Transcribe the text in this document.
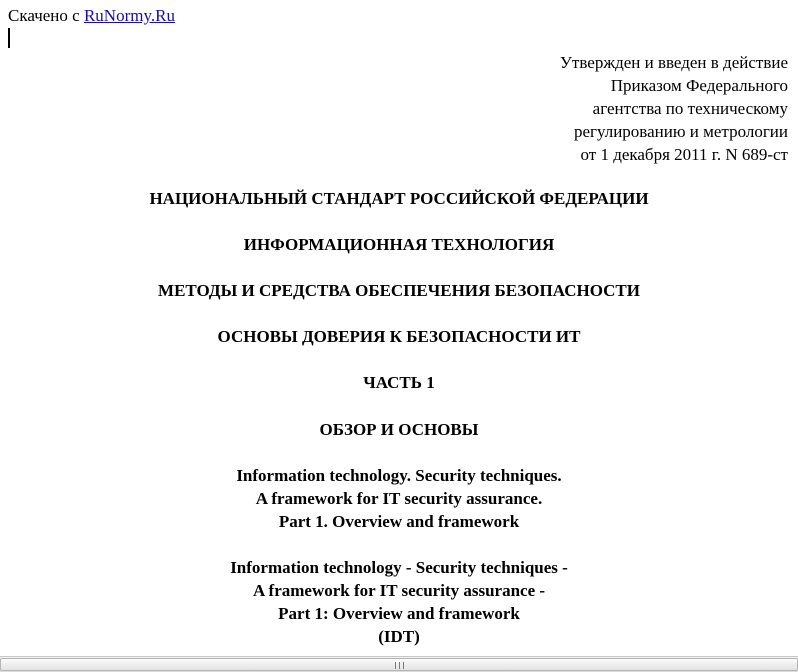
Скачено с RuNormy.Ru
Утвержден и введен в действие
Приказом Федерального
агентства по техническому
регулированию и метрологии
от 1 декабря 2011 г. N 689-ст
НАЦИОНАЛЬНЫЙ СТАНДАРТ РОССИЙСКОЙ ФЕДЕРАЦИИ
ИНФОРМАЦИОННАЯ ТЕХНОЛОГИЯ
МЕТОДЫ И СРЕДСТВА ОБЕСПЕЧЕНИЯ БЕЗОПАСНОСТИ
ОСНОВЫ ДОВЕРИЯ К БЕЗОПАСНОСТИ ИТ
ЧАСТЬ 1
ОБЗОР И ОСНОВЫ
Information technology. Security techniques.
A framework for IT security assurance.
Part 1. Overview and framework
Information technology - Security techniques -
A framework for IT security assurance -
Part 1: Overview and framework
(IDT)
